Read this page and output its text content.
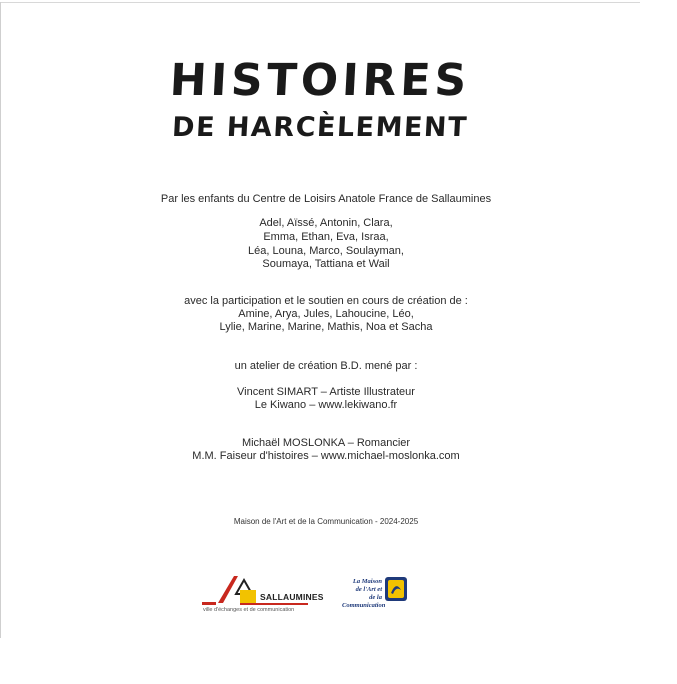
HISTOIRES
DE HARCÈLEMENT
Par les enfants du Centre de Loisirs Anatole France de Sallaumines
Adel, Aïssé, Antonin, Clara,
Emma, Ethan, Eva, Israa,
Léa, Louna, Marco, Soulayman,
Soumaya, Tattiana et Wail
avec la participation et le soutien en cours de création de :
Amine, Arya, Jules, Lahoucine, Léo,
Lylie, Marine, Marine, Mathis, Noa et Sacha
un atelier de création B.D. mené par :
Vincent SIMART – Artiste Illustrateur
Le Kiwano – www.lekiwano.fr
Michaël MOSLONKA – Romancier
M.M. Faiseur d'histoires – www.michael-moslonka.com
Maison de l'Art et de la Communication - 2024-2025
SALLAUMINES
ville d'échanges et de communication
La Maison
de l'Art et
de la Communication
